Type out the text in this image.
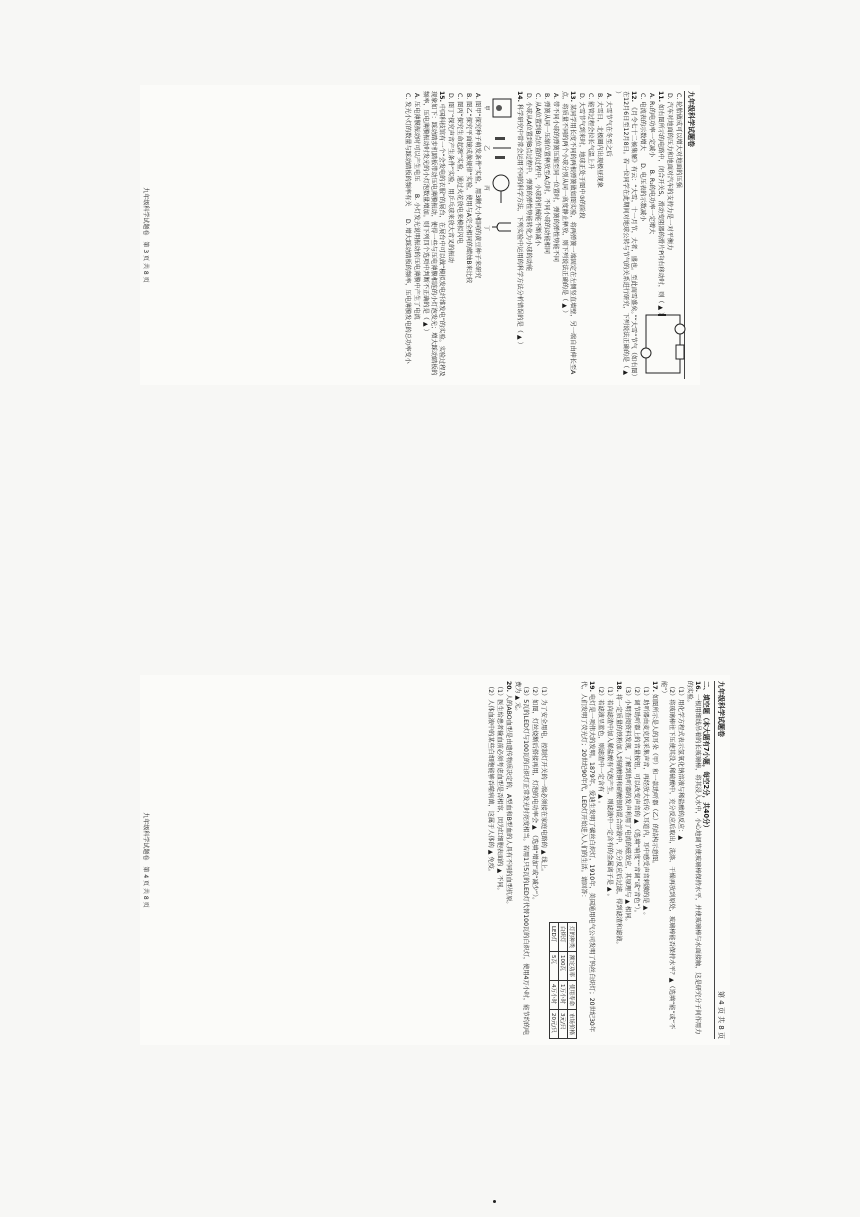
九年级科学试题卷
C. 轮胎做成可以增大对地面的压强
D. 汽车对地面的压力和地面对汽车的支持力是一对平衡力
11.如右图所示的电路中，闭合开关S，滑动变阻器的滑片P向右移动时，则（ ▲ ）
A. R₁的电功率一定减小　　B. R₂的电功率一定增大
C. 电流表的示数增大　　D. 电压表的示数减小
12.《月令七十二候集解》有云：“大雪，十一月节，大者，盛也。至此而雪盛矣。”“大雪”节气（如右图）在12月6日至12月8日。若一位同学在此期间对地球公转与节气的关系进行研究，下列说法正确的是（ ▲ ）
A. 大雪节气在冬至之后
B. 大雪日，北极圈内出现极昼现象
C. 能管过程会拉长气温上升
D. 大雪节气到来时，地球正处于图中③的阶段
13.某同学用长度不同的两根弹簧做如图实验，将两弹簧一端固定在左侧竖直墙壁，另一端自由伸长至A点，将质量不同的两个小球分别从同一高度静止释放，则下列说法正确的是（ ▲ ）
A. 带不同小球的弹簧压缩至同一位置时，弹簧的弹性势能不同
B. 弹簧从同一压缩位置释放至A点时，不同小球的动能相同
C. 从A位置到B点位置的过程中，小球的机械能不断减小
D. 小球从A位置到B点过程中，弹簧的弹性势能转化为小球的动能
14.科学研究中常常会运用不同的科学方法，下列实验中运用的科学方法分析错误的是（ ▲ ）
甲
乙
丙
丁
A. 图甲“探究种子萌发条件”实验，用3颗大小相同的黄豆种子来研究
B. 图乙“探究平面镜成像规律”实验，使用与A完全相同的蜡烛B来比较
C. 图丙“探究生命起源”实验，通过火花放电来模拟闪电
D. 图丁“探究声音产生条件”实验，用乒乓球来放大音叉的振动
15.中国科技馆有一个“会发电的衣服”的展台，在展台中可以做“模拟发电纤维发电”的实验。实验过程及现象如下：踩动踏步机踏板带动压电薄膜振动，使得一些与压电薄膜相连的小灯泡发光；增大踩动踏板的频率，压电薄膜振动时发光的小灯泡数量增加。则下列四个选项中判断不正确的是（ ▲ ）
A. 压电薄膜振动时可以产生电压　　B. 小灯发光说明振动的压电薄膜中产生了电流
C. 发光小灯的数量与踩动踏板的频率有关　　D. 增大踩动踏板的频率，压电薄膜发电的总功率变小
九年级科学试题卷　第 3 页 共 8 页
九年级科学试题卷
第 4 页 共 8 页
二、填空题（本大题有7小题，每空2分，共40分）
16.一根用细线吊着的长玻璃棒，将其浸入水中，小心地调节使玻璃棒保持水平，并使玻璃棒与水面接触，这是研究分子间作用力的实验。
（1）用化学方程式表示氢氧化钠溶液与稀盐酸的反应：▲
（2）将玻璃棒往下压使其没入稀硫酸中，充分反应后取出，洗涤、干燥再放到原处，玻璃棒能否保持水平？▲（选填“能”或“不能”）
17.如图所示是人的耳朵（甲）和一款助听器（乙）的结构示意图。
（1）助听器由麦克风采集声音，再经放大后传入耳道内，耳中感受声音刺激的是 ▲ 。
（2）调节助听器上的音量按钮，可以改变声音的 ▲ （选填“响度”“音调”或“音色”）。
（3）小明查阅资料发现，了解到助听器的发声利用了电流的磁效应，其原理与 ▲ 相同。
18.将一定质量的铁粉加入到硝酸铜和硝酸银的混合溶液中，充分反应后过滤，得到滤渣和滤液。
（1）若向滤渣中加入稀盐酸有气泡产生，则滤液中一定含有的金属离子是 ▲ 。
（2）若滤液呈蓝色，则滤渣中一定含有 ▲ 。
19.电灯是一项伟大的发明。1879年，爱迪生发明了碳丝白炽灯，1910年，美国通用电气公司发明了钨丝白炽灯；20世纪30年代，人们发明了荧光灯；20世纪90年代，LED灯开始进入人们的生活。请回答：
灯的种类	额定功率	使用寿命	市场价格
白炽灯	100瓦	1万小时	3元/只
LED灯	5瓦	4万小时	20元/只
（1）为了安全用电，控制灯开关的一端必须接在家庭电路的 ▲ 线上。
（2）如图，灯丝烧断后搭接再用，灯泡的电功率会 ▲ （选填“增加”或“减少”）。
（3）5瓦的LED灯与100瓦的白炽灯正常发光时亮度相当。若用1只5瓦的LED灯代替100瓦的白炽灯，使用4万小时，能节约的电费为 ▲ 元。
20.人的ABO血型是由遗传物质决定的，A型血和B型血的人具有不同的血型抗原。
（1）医生给患者输血前必须考虑血型是否相容，因为红细胞表面的 ▲ 不同。
（2）人体血液中的某些白细胞能够吞噬病菌，这属于人体的 ▲ 免疫。
九年级科学试题卷　第 4 页 共 8 页
